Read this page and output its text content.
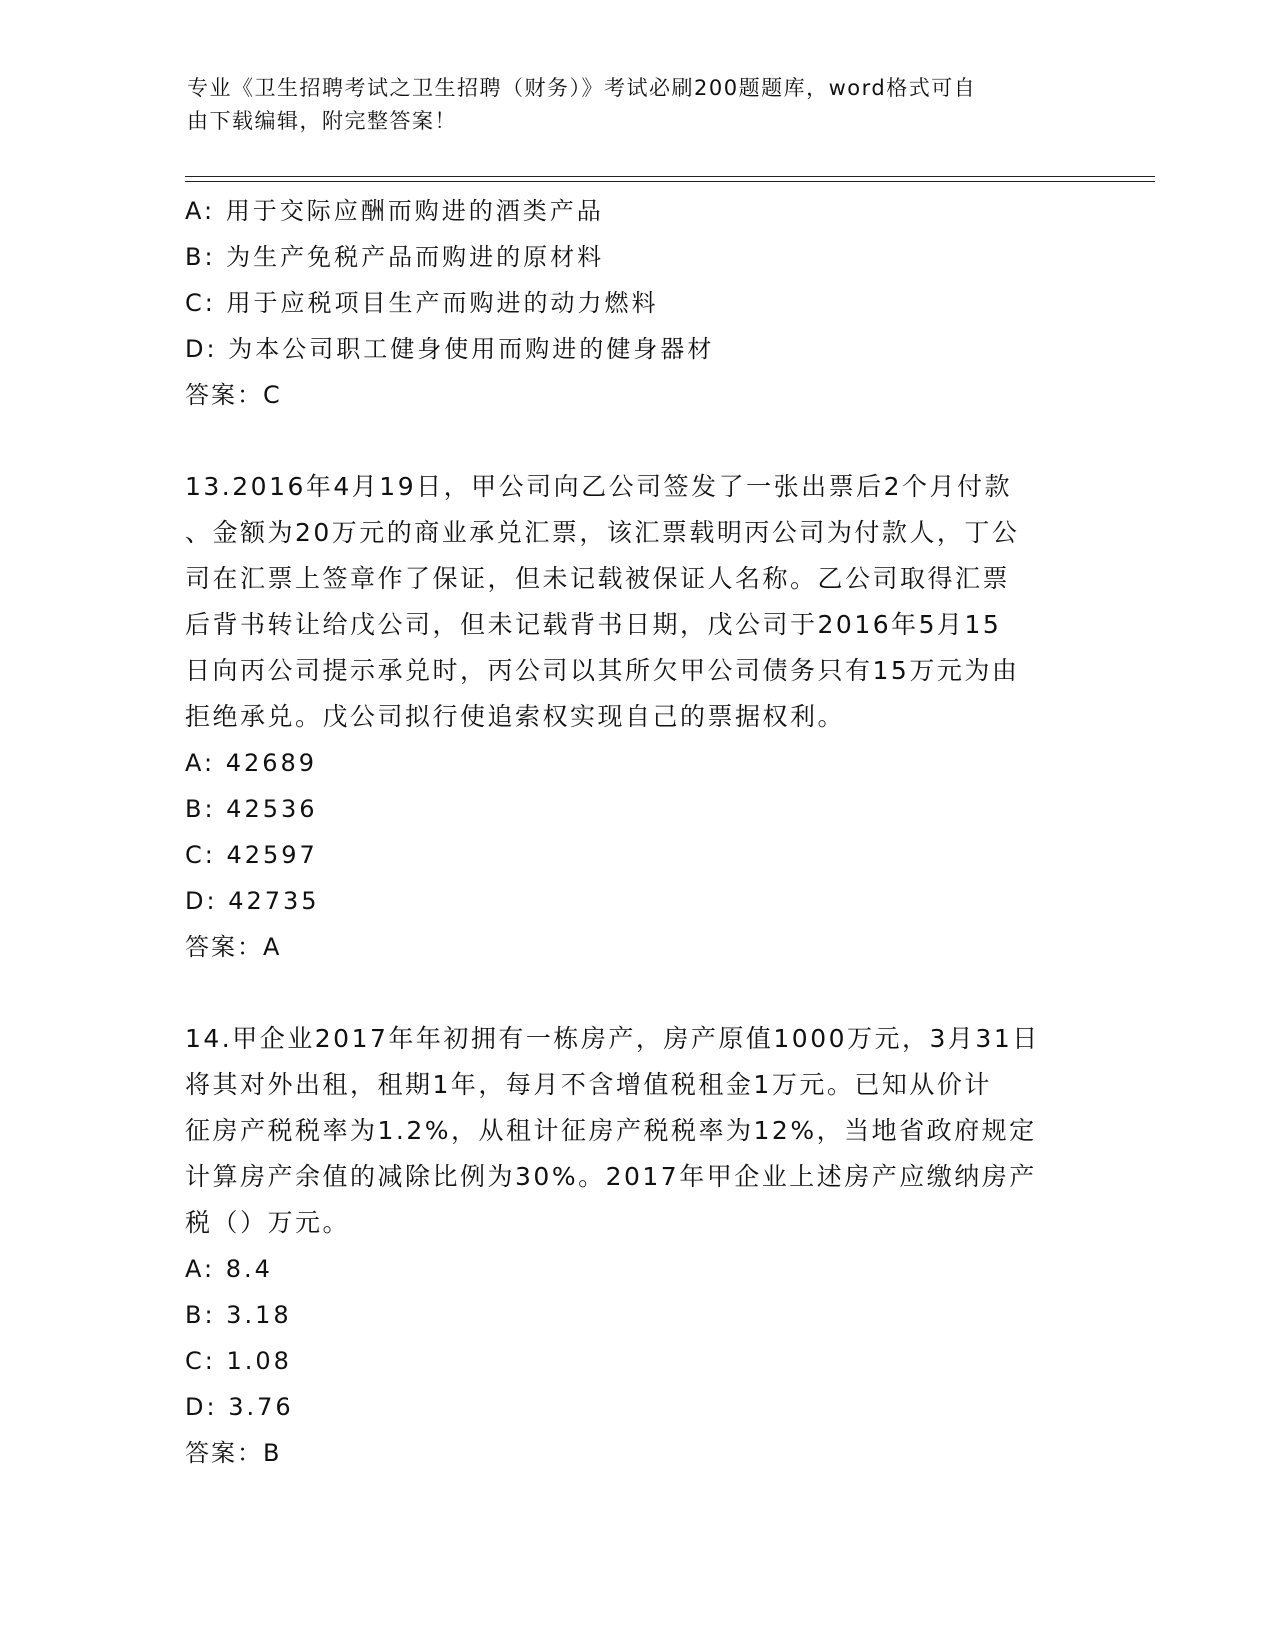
专业《卫生招聘考试之卫生招聘（财务）》考试必刷200题题库，word格式可自
由下载编辑，附完整答案！
A: 用于交际应酬而购进的酒类产品
B: 为生产免税产品而购进的原材料
C: 用于应税项目生产而购进的动力燃料
D: 为本公司职工健身使用而购进的健身器材
答案：C
13.2016年4月19日，甲公司向乙公司签发了一张出票后2个月付款
、金额为20万元的商业承兑汇票，该汇票载明丙公司为付款人，丁公
司在汇票上签章作了保证，但未记载被保证人名称。乙公司取得汇票
后背书转让给戊公司，但未记载背书日期，戊公司于2016年5月15
日向丙公司提示承兑时，丙公司以其所欠甲公司债务只有15万元为由
拒绝承兑。戊公司拟行使追索权实现自己的票据权利。
A: 42689
B: 42536
C: 42597
D: 42735
答案：A
14.甲企业2017年年初拥有一栋房产，房产原值1000万元，3月31日
将其对外出租，租期1年，每月不含增值税租金1万元。已知从价计
征房产税税率为1.2%，从租计征房产税税率为12%，当地省政府规定
计算房产余值的减除比例为30%。2017年甲企业上述房产应缴纳房产
税（）万元。
A: 8.4
B: 3.18
C: 1.08
D: 3.76
答案：B
